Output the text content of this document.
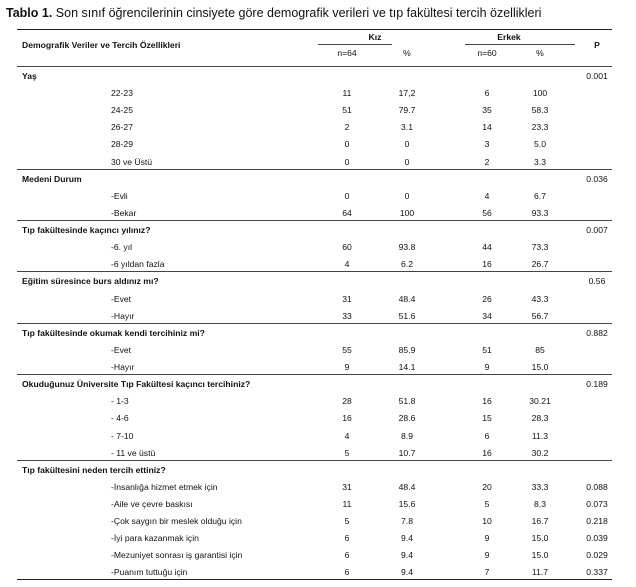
Tablo 1. Son sınıf öğrencilerinin cinsiyete göre demografik verileri ve tıp fakültesi tercih özellikleri
Demografik Veriler ve Tercih Özellikleri
Kız	Erkek
P
n=64	%	n=60	%
Yaş	0.001
22-23	11	17,2	6	100
24-25	51	79.7	35	58.3
26-27	2	3.1	14	23.3
28-29	0	0	3	5.0
30 ve Üstü	0	0	2	3.3
Medeni Durum	0.036
-Evli	0	0	4	6.7
-Bekar	64	100	56	93.3
Tıp fakültesinde kaçıncı yılınız?	0.007
-6. yıl	60	93.8	44	73.3
-6 yıldan fazla	4	6.2	16	26.7
Eğitim süresince burs aldınız mı?	0.56
-Evet	31	48.4	26	43.3
-Hayır	33	51.6	34	56.7
Tıp fakültesinde okumak kendi tercihiniz mi?	0.882
-Evet	55	85.9	51	85
-Hayır	9	14.1	9	15.0
Okuduğunuz Üniversite Tıp Fakültesi kaçıncı tercihiniz?	0.189
- 1-3	28	51.8	16	30.21
- 4-6	16	28.6	15	28.3
- 7-10	4	8.9	6	11.3
- 11 ve üstü	5	10.7	16	30.2
Tıp fakültesini neden tercih ettiniz?
-İnsanlığa hizmet etmek için	31	48.4	20	33.3	0.088
-Aile ve çevre baskısı	11	15.6	5	8.3	0.073
-Çok saygın bir meslek olduğu için	5	7.8	10	16.7	0.218
-İyi para kazanmak için	6	9.4	9	15.0	0.039
-Mezuniyet sonrası iş garantisi için	6	9.4	9	15.0	0.029
-Puanım tuttuğu için	6	9.4	7	11.7	0.337
